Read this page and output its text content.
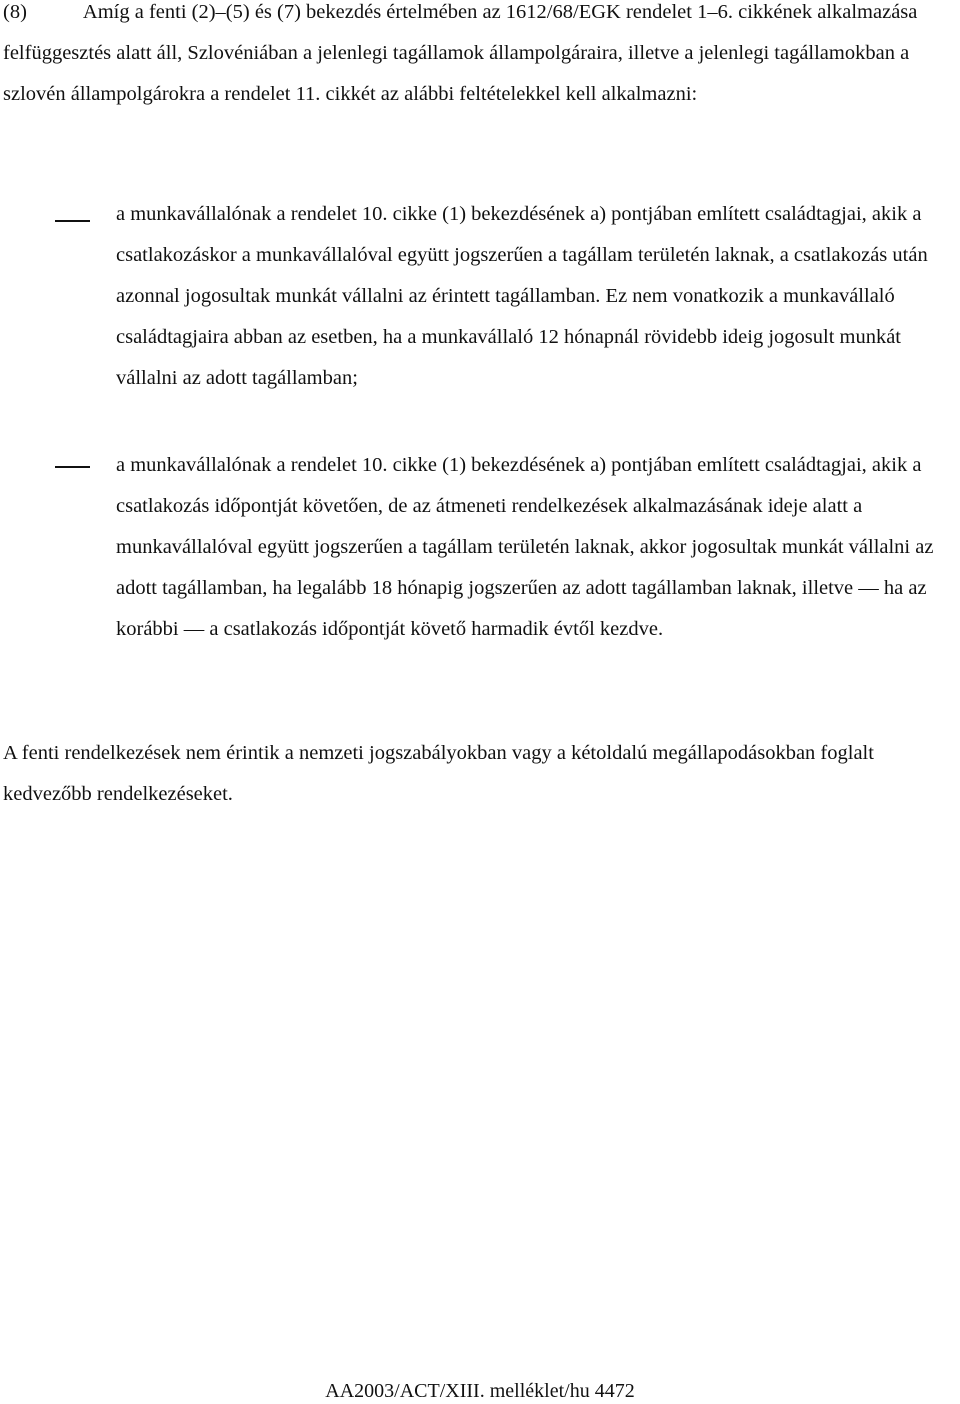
(8)	Amíg a fenti (2)–(5) és (7) bekezdés értelmében az 1612/68/EGK rendelet 1–6. cikkének alkalmazása felfüggesztés alatt áll, Szlovéniában a jelenlegi tagállamok állampolgáraira, illetve a jelenlegi tagállamokban a szlovén állampolgárokra a rendelet 11. cikkét az alábbi feltételekkel kell alkalmazni:

a munkavállalónak a rendelet 10. cikke (1) bekezdésének a) pontjában említett családtagjai, akik a csatlakozáskor a munkavállalóval együtt jogszerűen a tagállam területén laknak, a csatlakozás után azonnal jogosultak munkát vállalni az érintett tagállamban. Ez nem vonatkozik a munkavállaló családtagjaira abban az esetben, ha a munkavállaló 12 hónapnál rövidebb ideig jogosult munkát vállalni az adott tagállamban;

a munkavállalónak a rendelet 10. cikke (1) bekezdésének a) pontjában említett családtagjai, akik a csatlakozás időpontját követően, de az átmeneti rendelkezések alkalmazásának ideje alatt a munkavállalóval együtt jogszerűen a tagállam területén laknak, akkor jogosultak munkát vállalni az adott tagállamban, ha legalább 18 hónapig jogszerűen az adott tagállamban laknak, illetve — ha az korábbi — a csatlakozás időpontját követő harmadik évtől kezdve.

A fenti rendelkezések nem érintik a nemzeti jogszabályokban vagy a kétoldalú megállapodásokban foglalt kedvezőbb rendelkezéseket.

AA2003/ACT/XIII. melléklet/hu 4472
